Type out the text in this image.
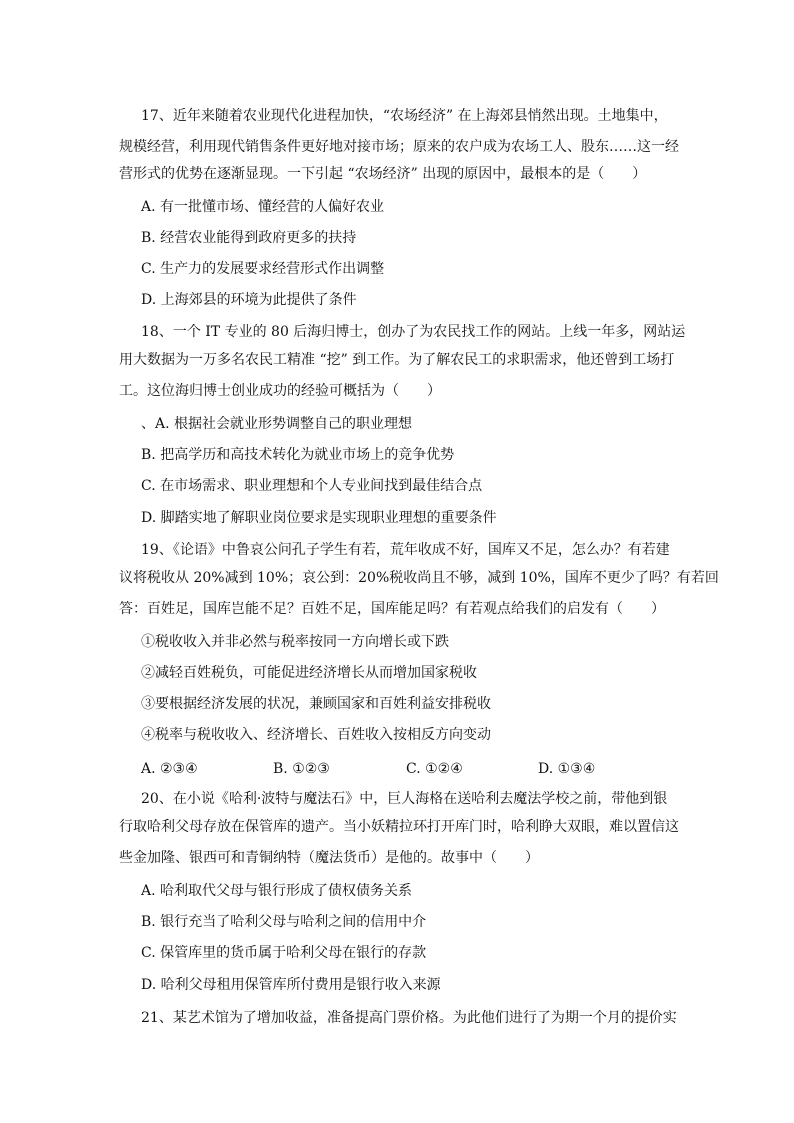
17、近年来随着农业现代化进程加快，“农场经济” 在上海郊县悄然出现。土地集中，
规模经营，利用现代销售条件更好地对接市场；原来的农户成为农场工人、股东……这一经
营形式的优势在逐渐显现。一下引起 “农场经济” 出现的原因中，最根本的是（　　）
A. 有一批懂市场、懂经营的人偏好农业
B. 经营农业能得到政府更多的扶持
C. 生产力的发展要求经营形式作出调整
D. 上海郊县的环境为此提供了条件
18、一个 IT 专业的 80 后海归博士，创办了为农民找工作的网站。上线一年多，网站运
用大数据为一万多名农民工精准 “挖” 到工作。为了解农民工的求职需求，他还曾到工场打
工。这位海归博士创业成功的经验可概括为（　　）
、A. 根据社会就业形势调整自己的职业理想
B. 把高学历和高技术转化为就业市场上的竞争优势
C. 在市场需求、职业理想和个人专业间找到最佳结合点
D. 脚踏实地了解职业岗位要求是实现职业理想的重要条件
19、《论语》中鲁哀公问孔子学生有若，荒年收成不好，国库又不足，怎么办？有若建
议将税收从 20%减到 10%；哀公到：20%税收尚且不够，减到 10%，国库不更少了吗？有若回
答：百姓足，国库岂能不足？百姓不足，国库能足吗？有若观点给我们的启发有（　　）
①税收收入并非必然与税率按同一方向增长或下跌
②减轻百姓税负，可能促进经济增长从而增加国家税收
③要根据经济发展的状况，兼顾国家和百姓利益安排税收
④税率与税收收入、经济增长、百姓收入按相反方向变动
A. ②③④	B. ①②③	C. ①②④	D. ①③④
20、在小说《哈利·波特与魔法石》中，巨人海格在送哈利去魔法学校之前，带他到银
行取哈利父母存放在保管库的遗产。当小妖精拉环打开库门时，哈利睁大双眼，难以置信这
些金加隆、银西可和青铜纳特（魔法货币）是他的。故事中（　　）
A. 哈利取代父母与银行形成了债权债务关系
B. 银行充当了哈利父母与哈利之间的信用中介
C. 保管库里的货币属于哈利父母在银行的存款
D. 哈利父母租用保管库所付费用是银行收入来源
21、某艺术馆为了增加收益，准备提高门票价格。为此他们进行了为期一个月的提价实
